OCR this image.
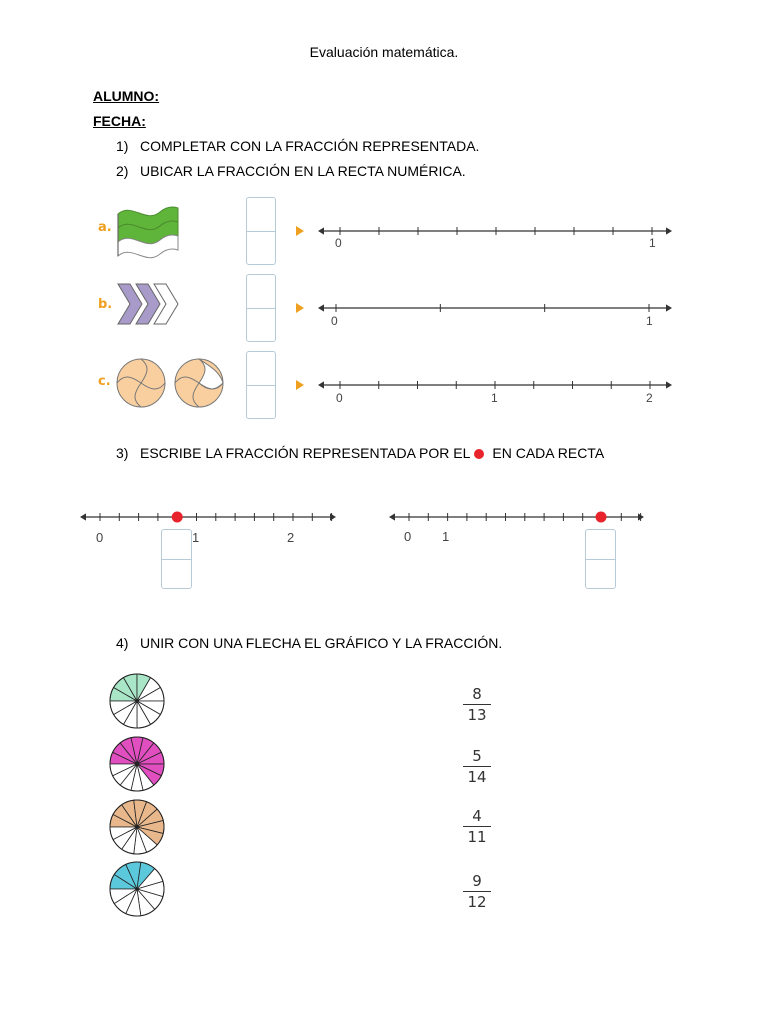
Evaluación matemática.
ALUMNO:
FECHA:
1) COMPLETAR CON LA FRACCIÓN REPRESENTADA.
2) UBICAR LA FRACCIÓN EN LA RECTA NUMÉRICA.
a.
b.
c.
0	1
0	1
0	1	2
3) ESCRIBE LA FRACCIÓN REPRESENTADA POR EL EN CADA RECTA
0	1	2	0 1
4) UNIR CON UNA FLECHA EL GRÁFICO Y LA FRACCIÓN.
8
13
5
14
4
11
9
12
